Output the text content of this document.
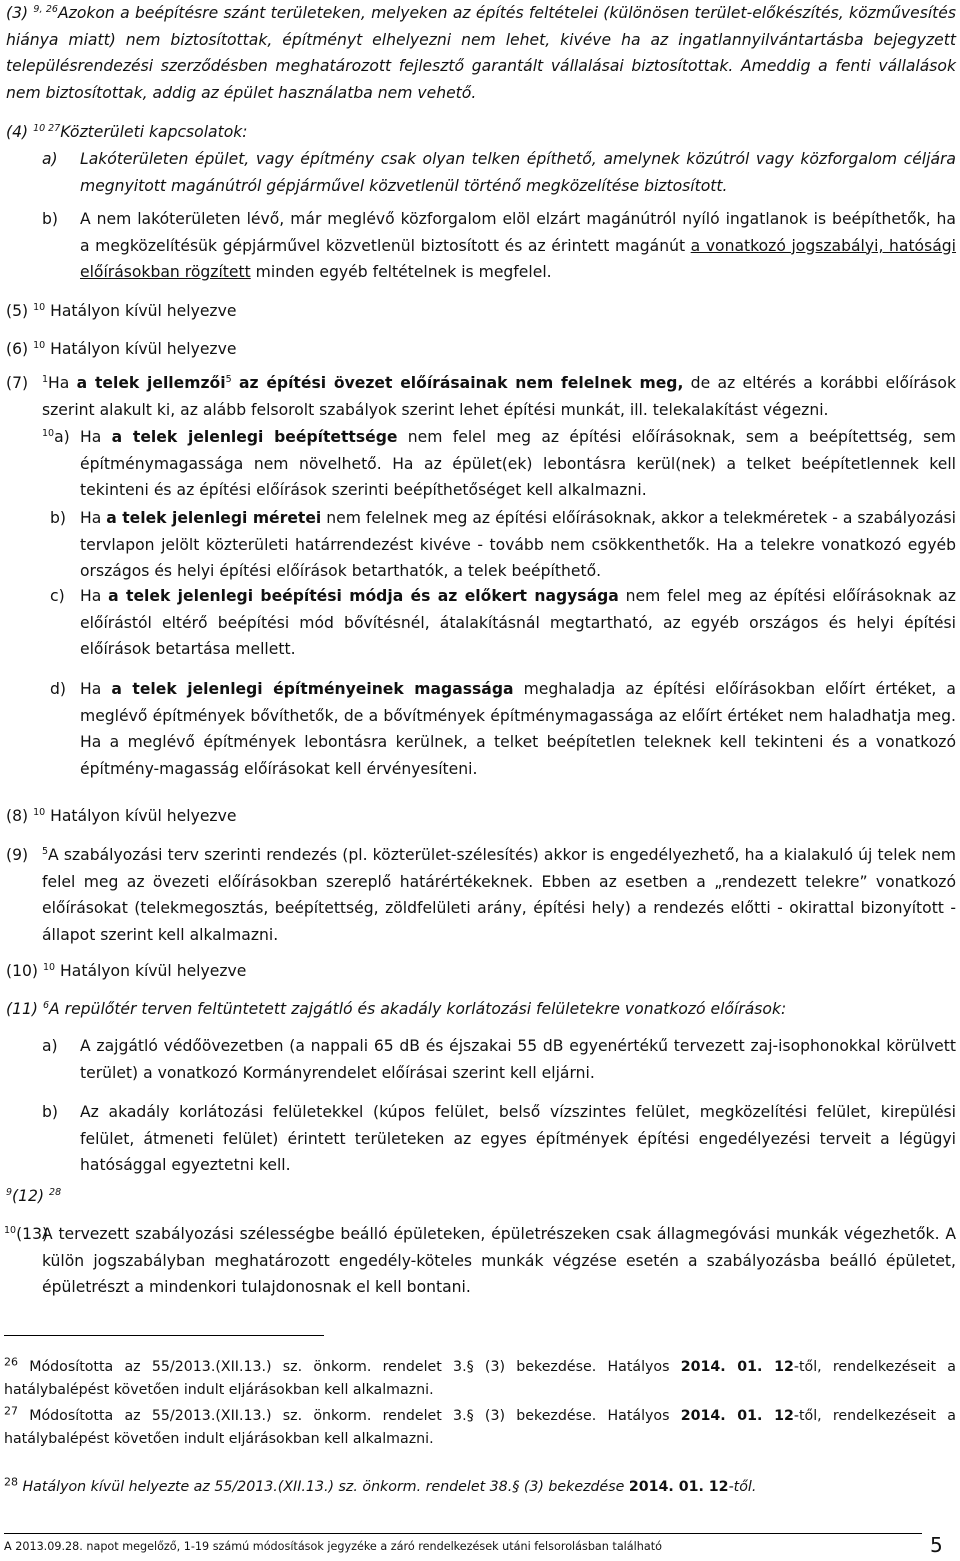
(3) $^{9, 26}$Azokon a beépítésre szánt területeken, melyeken az építés feltételei (különösen terület-előkészítés, közművesítés hiánya miatt) nem biztosítottak, építményt elhelyezni nem lehet, kivéve ha az ingatlannyilvántartásba bejegyzett településrendezési szerződésben meghatározott fejlesztő garantált vállalásai biztosítottak. Ameddig a fenti vállalások nem biztosítottak, addig az épület használatba nem vehető.

(4) $^{10 27}$Közterületi kapcsolatok:

a) Lakóterületen épület, vagy építmény csak olyan telken építhető, amelynek közútról vagy közforgalom céljára megnyitott magánútról gépjárművel közvetlenül történő megközelítése biztosított.

b) A nem lakóterületen lévő, már meglévő közforgalom elöl elzárt magánútról nyíló ingatlanok is beépíthetők, ha a megközelítésük gépjárművel közvetlenül biztosított és az érintett magánút a vonatkozó jogszabályi, hatósági előírásokban rögzített minden egyéb feltételnek is megfelel.

(5) $^{10}$ Hatályon kívül helyezve

(6) $^{10}$ Hatályon kívül helyezve

(7) $^1$Ha a telek jellemzői$^5$ az építési övezet előírásainak nem felelnek meg, de az eltérés a korábbi előírások szerint alakult ki, az alább felsorolt szabályok szerint lehet építési munkát, ill. telekalakítást végezni.

$^{10}$a) Ha a telek jelenlegi beépítettsége nem felel meg az építési előírásoknak, sem a beépítettség, sem építménymagassága nem növelhető. Ha az épület(ek) lebontásra kerül(nek) a telket beépítetlennek kell tekinteni és az építési előírások szerinti beépíthetőséget kell alkalmazni.

b) Ha a telek jelenlegi méretei nem felelnek meg az építési előírásoknak, akkor a telekméretek - a szabályozási tervlapon jelölt közterületi határrendezést kivéve - tovább nem csökkenthetők. Ha a telekre vonatkozó egyéb országos és helyi építési előírások betarthatók, a telek beépíthető.

c) Ha a telek jelenlegi beépítési módja és az előkert nagysága nem felel meg az építési előírásoknak az előírástól eltérő beépítési mód bővítésnél, átalakításnál megtartható, az egyéb országos és helyi építési előírások betartása mellett.

d) Ha a telek jelenlegi építményeinek magassága meghaladja az építési előírásokban előírt értéket, a meglévő építmények bővíthetők, de a bővítmények építménymagassága az előírt értéket nem haladhatja meg. Ha a meglévő építmények lebontásra kerülnek, a telket beépítetlen teleknek kell tekinteni és a vonatkozó építmény-magasság előírásokat kell érvényesíteni.

(8) $^{10}$ Hatályon kívül helyezve

(9) $^5$A szabályozási terv szerinti rendezés (pl. közterület-szélesítés) akkor is engedélyezhető, ha a kialakuló új telek nem felel meg az övezeti előírásokban szereplő határértékeknek. Ebben az esetben a „rendezett telekre” vonatkozó előírásokat (telekmegosztás, beépítettség, zöldfelületi arány, építési hely) a rendezés előtti - okirattal bizonyított - állapot szerint kell alkalmazni.

(10) $^{10}$ Hatályon kívül helyezve

(11) $^6$A repülőtér terven feltüntetett zajgátló és akadály korlátozási felületekre vonatkozó előírások:

a) A zajgátló védőövezetben (a nappali 65 dB és éjszakai 55 dB egyenértékű tervezett zaj-isophonokkal körülvett terület) a vonatkozó Kormányrendelet előírásai szerint kell eljárni.

b) Az akadály korlátozási felületekkel (kúpos felület, belső vízszintes felület, megközelítési felület, kirepülési felület, átmeneti felület) érintett területeken az egyes építmények építési engedélyezési terveit a légügyi hatósággal egyeztetni kell.

$^9$(12) $^{28}$

$^{10}$(13)

A tervezett szabályozási szélességbe beálló épületeken, épületrészeken csak állagmegóvási munkák végezhetők. A külön jogszabályban meghatározott engedély-köteles munkák végzése esetén a szabályozásba beálló épületet, épületrészt a mindenkori tulajdonosnak el kell bontani.

$^{26}$ Módosította az 55/2013.(XII.13.) sz. önkorm. rendelet 3.§ (3) bekezdése. Hatályos 2014. 01. 12-től, rendelkezéseit a hatálybalépést követően indult eljárásokban kell alkalmazni.

$^{27}$ Módosította az 55/2013.(XII.13.) sz. önkorm. rendelet 3.§ (3) bekezdése. Hatályos 2014. 01. 12-től, rendelkezéseit a hatálybalépést követően indult eljárásokban kell alkalmazni.

$^{28}$ Hatályon kívül helyezte az 55/2013.(XII.13.) sz. önkorm. rendelet 38.§ (3) bekezdése 2014. 01. 12-től.

A 2013.09.28. napot megelőző, 1-19 számú módosítások jegyzéke a záró rendelkezések utáni felsorolásban található	5
